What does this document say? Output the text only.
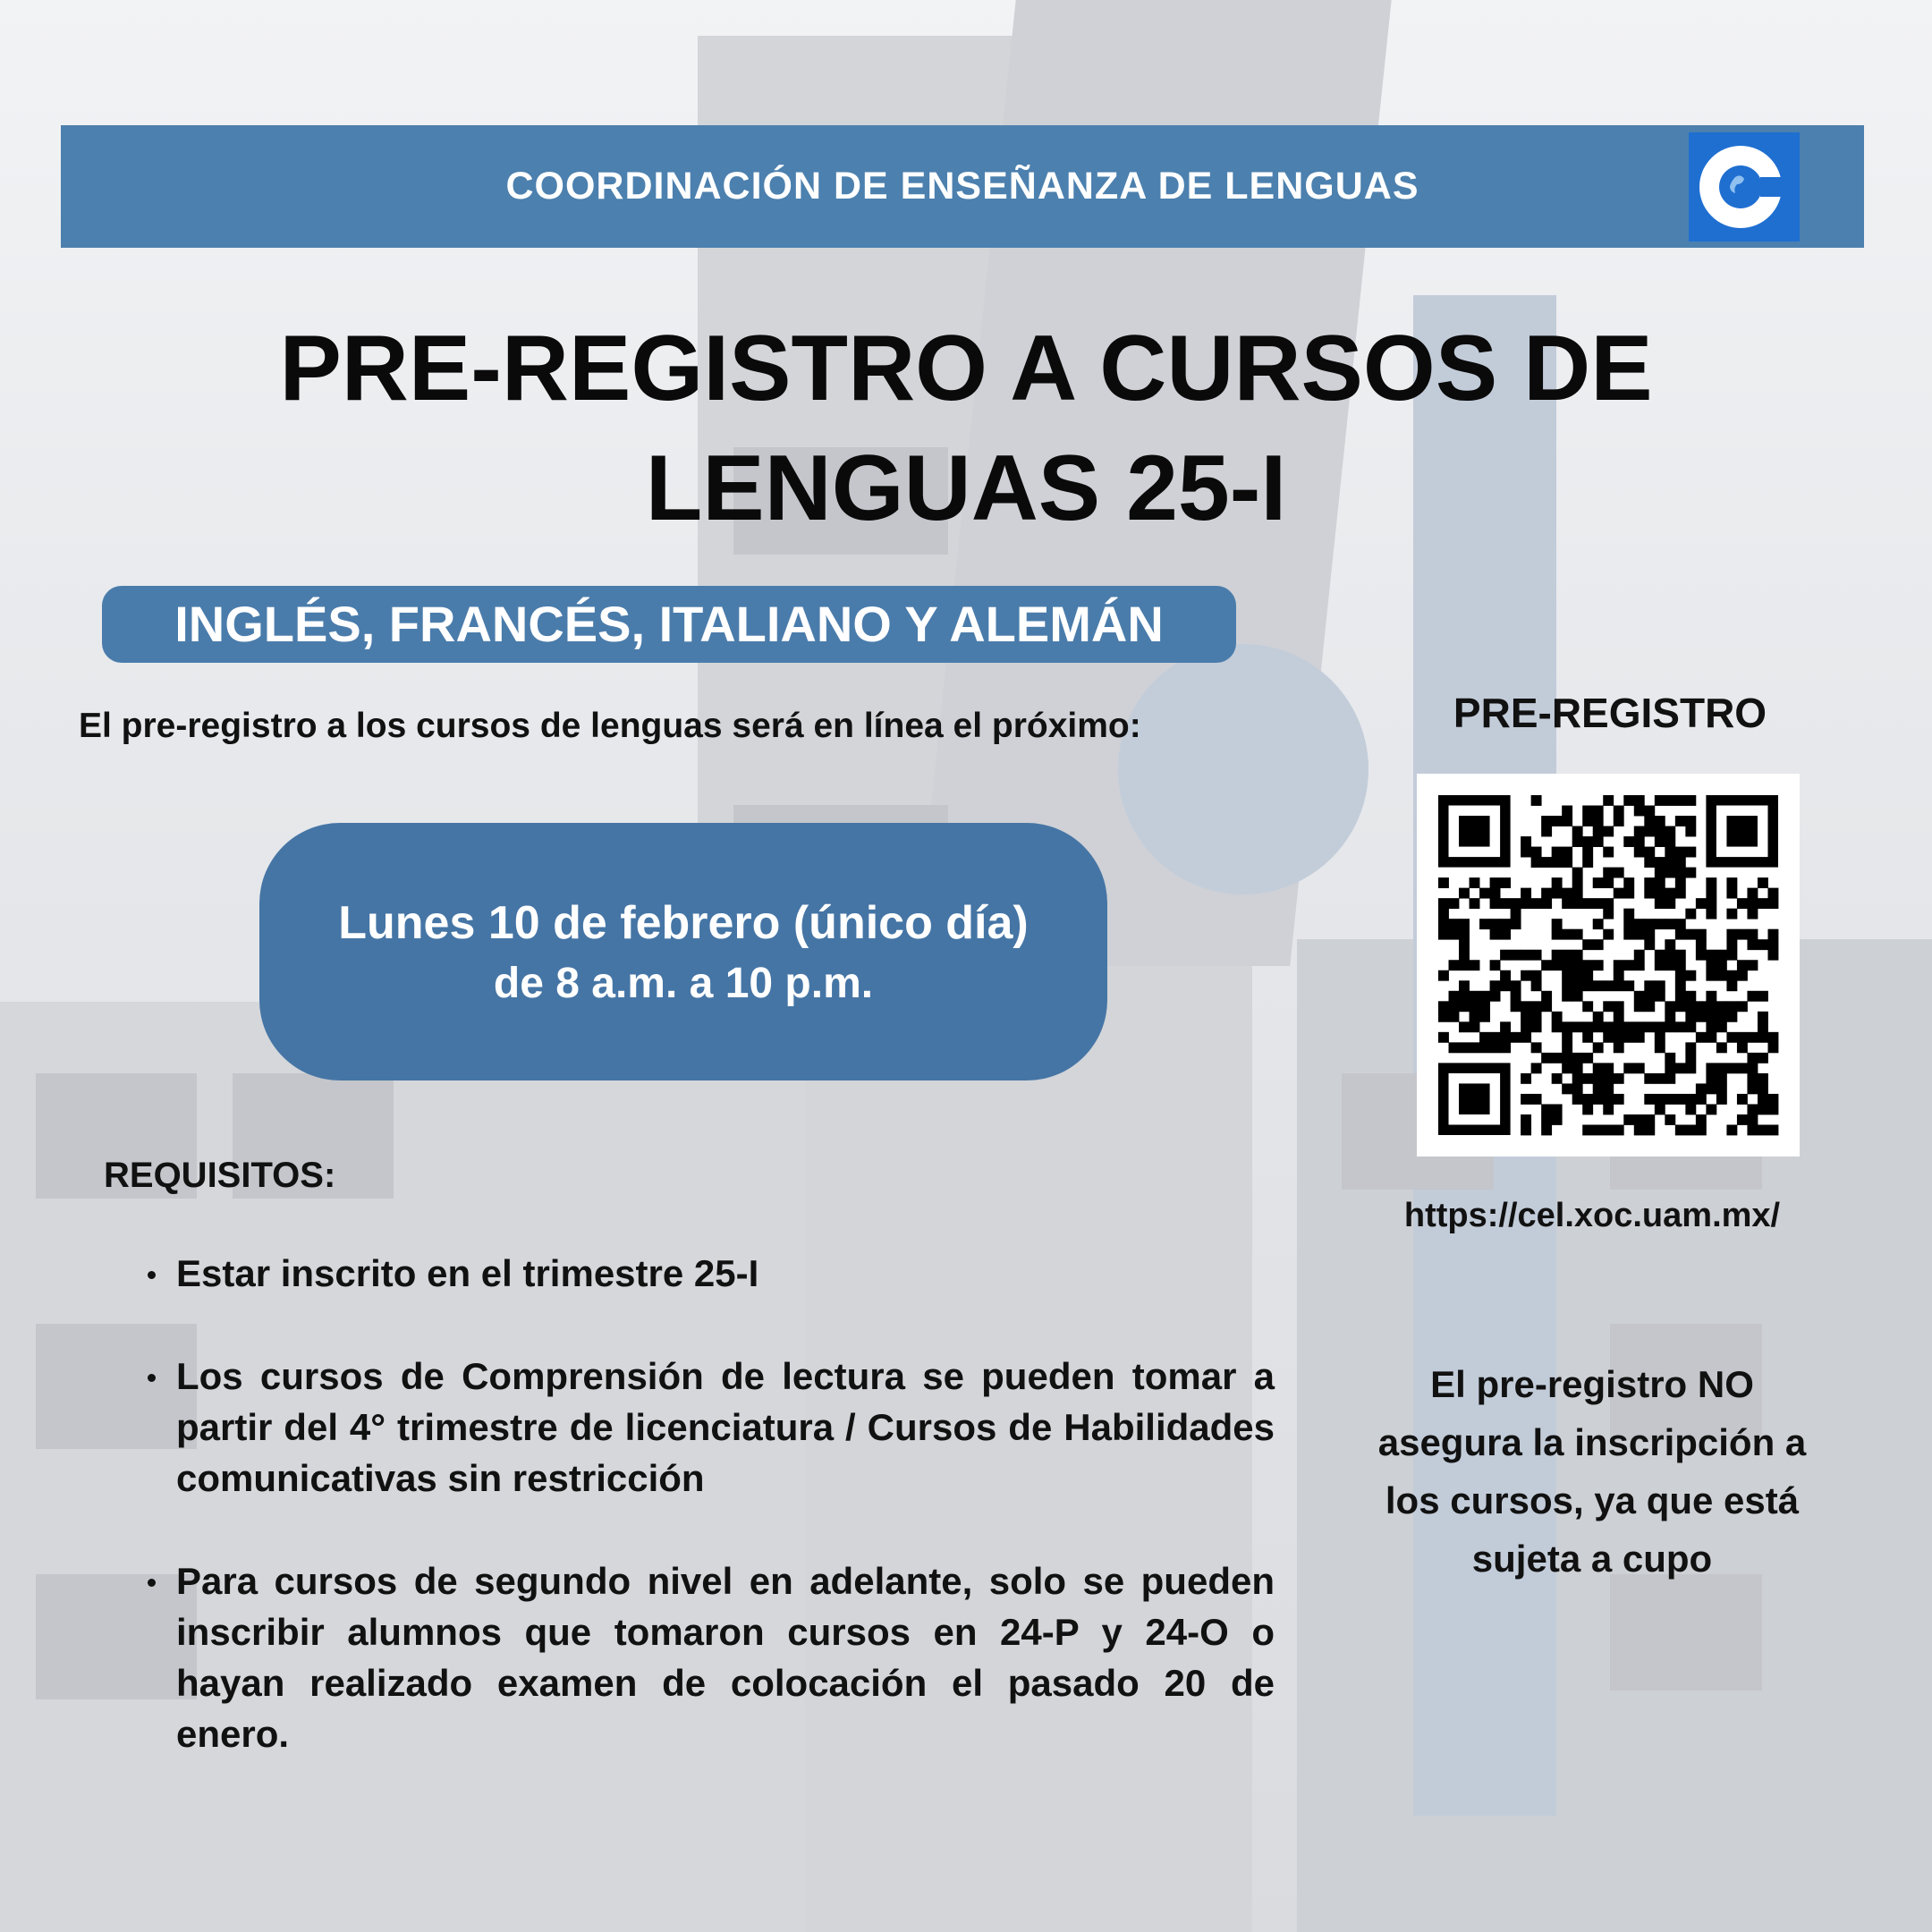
COORDINACIÓN DE ENSEÑANZA DE LENGUAS
PRE-REGISTRO A CURSOS DE
LENGUAS 25-I
INGLÉS, FRANCÉS, ITALIANO Y ALEMÁN
El pre-registro a los cursos de lenguas será en línea el próximo:
Lunes 10 de febrero (único día)
de 8 a.m. a 10 p.m.
REQUISITOS:
Estar inscrito en el trimestre 25-I
Los cursos de Comprensión de lectura se pueden tomar a partir del 4° trimestre de licenciatura / Cursos de Habilidades comunicativas sin restricción
Para cursos de segundo nivel en adelante, solo se pueden inscribir alumnos que tomaron cursos en 24-P y 24-O o hayan realizado examen de colocación el pasado 20 de enero.
PRE-REGISTRO
https://cel.xoc.uam.mx/
El pre-registro NO asegura la inscripción a los cursos, ya que está sujeta a cupo
